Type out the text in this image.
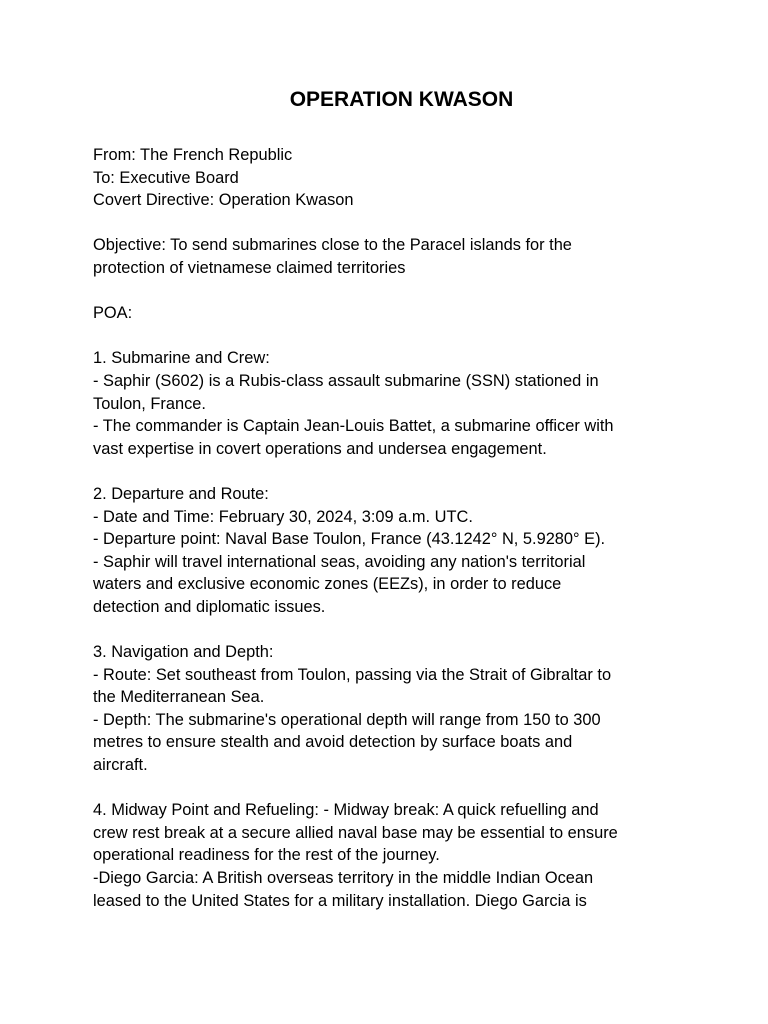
OPERATION KWASON
From: The French Republic
To: Executive Board
Covert Directive: Operation Kwason
Objective: To send submarines close to the Paracel islands for the
protection of vietnamese claimed territories
POA:
1. Submarine and Crew:
- Saphir (S602) is a Rubis-class assault submarine (SSN) stationed in
Toulon, France.
- The commander is Captain Jean-Louis Battet, a submarine officer with
vast expertise in covert operations and undersea engagement.
2. Departure and Route:
- Date and Time: February 30, 2024, 3:09 a.m. UTC.
- Departure point: Naval Base Toulon, France (43.1242° N, 5.9280° E).
- Saphir will travel international seas, avoiding any nation's territorial
waters and exclusive economic zones (EEZs), in order to reduce
detection and diplomatic issues.
3. Navigation and Depth:
- Route: Set southeast from Toulon, passing via the Strait of Gibraltar to
the Mediterranean Sea.
- Depth: The submarine's operational depth will range from 150 to 300
metres to ensure stealth and avoid detection by surface boats and
aircraft.
4. Midway Point and Refueling: - Midway break: A quick refuelling and
crew rest break at a secure allied naval base may be essential to ensure
operational readiness for the rest of the journey.
-Diego Garcia: A British overseas territory in the middle Indian Ocean
leased to the United States for a military installation. Diego Garcia is
